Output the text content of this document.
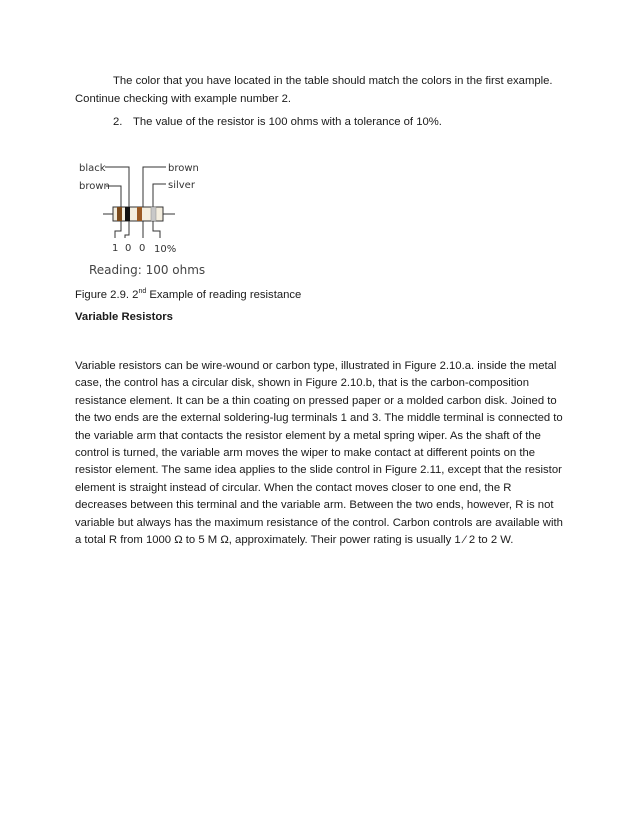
The color that you have located in the table should match the colors in the first example. Continue checking with example number 2.
2. The value of the resistor is 100 ohms with a tolerance of 10%.
black
brown
brown
silver
1 0 0 10%
Reading: 100 ohms
Figure 2.9. 2nd Example of reading resistance
Variable Resistors
Variable resistors can be wire-wound or carbon type, illustrated in Figure 2.10.a. inside the metal case, the control has a circular disk, shown in Figure 2.10.b, that is the carbon-composition resistance element. It can be a thin coating on pressed paper or a molded carbon disk. Joined to the two ends are the external soldering-lug terminals 1 and 3. The middle terminal is connected to the variable arm that contacts the resistor element by a metal spring wiper. As the shaft of the control is turned, the variable arm moves the wiper to make contact at different points on the resistor element. The same idea applies to the slide control in Figure 2.11, except that the resistor element is straight instead of circular. When the contact moves closer to one end, the R decreases between this terminal and the variable arm. Between the two ends, however, R is not variable but always has the maximum resistance of the control. Carbon controls are available with a total R from 1000 Ω to 5 M Ω, approximately. Their power rating is usually 1 ⁄ 2 to 2 W.
